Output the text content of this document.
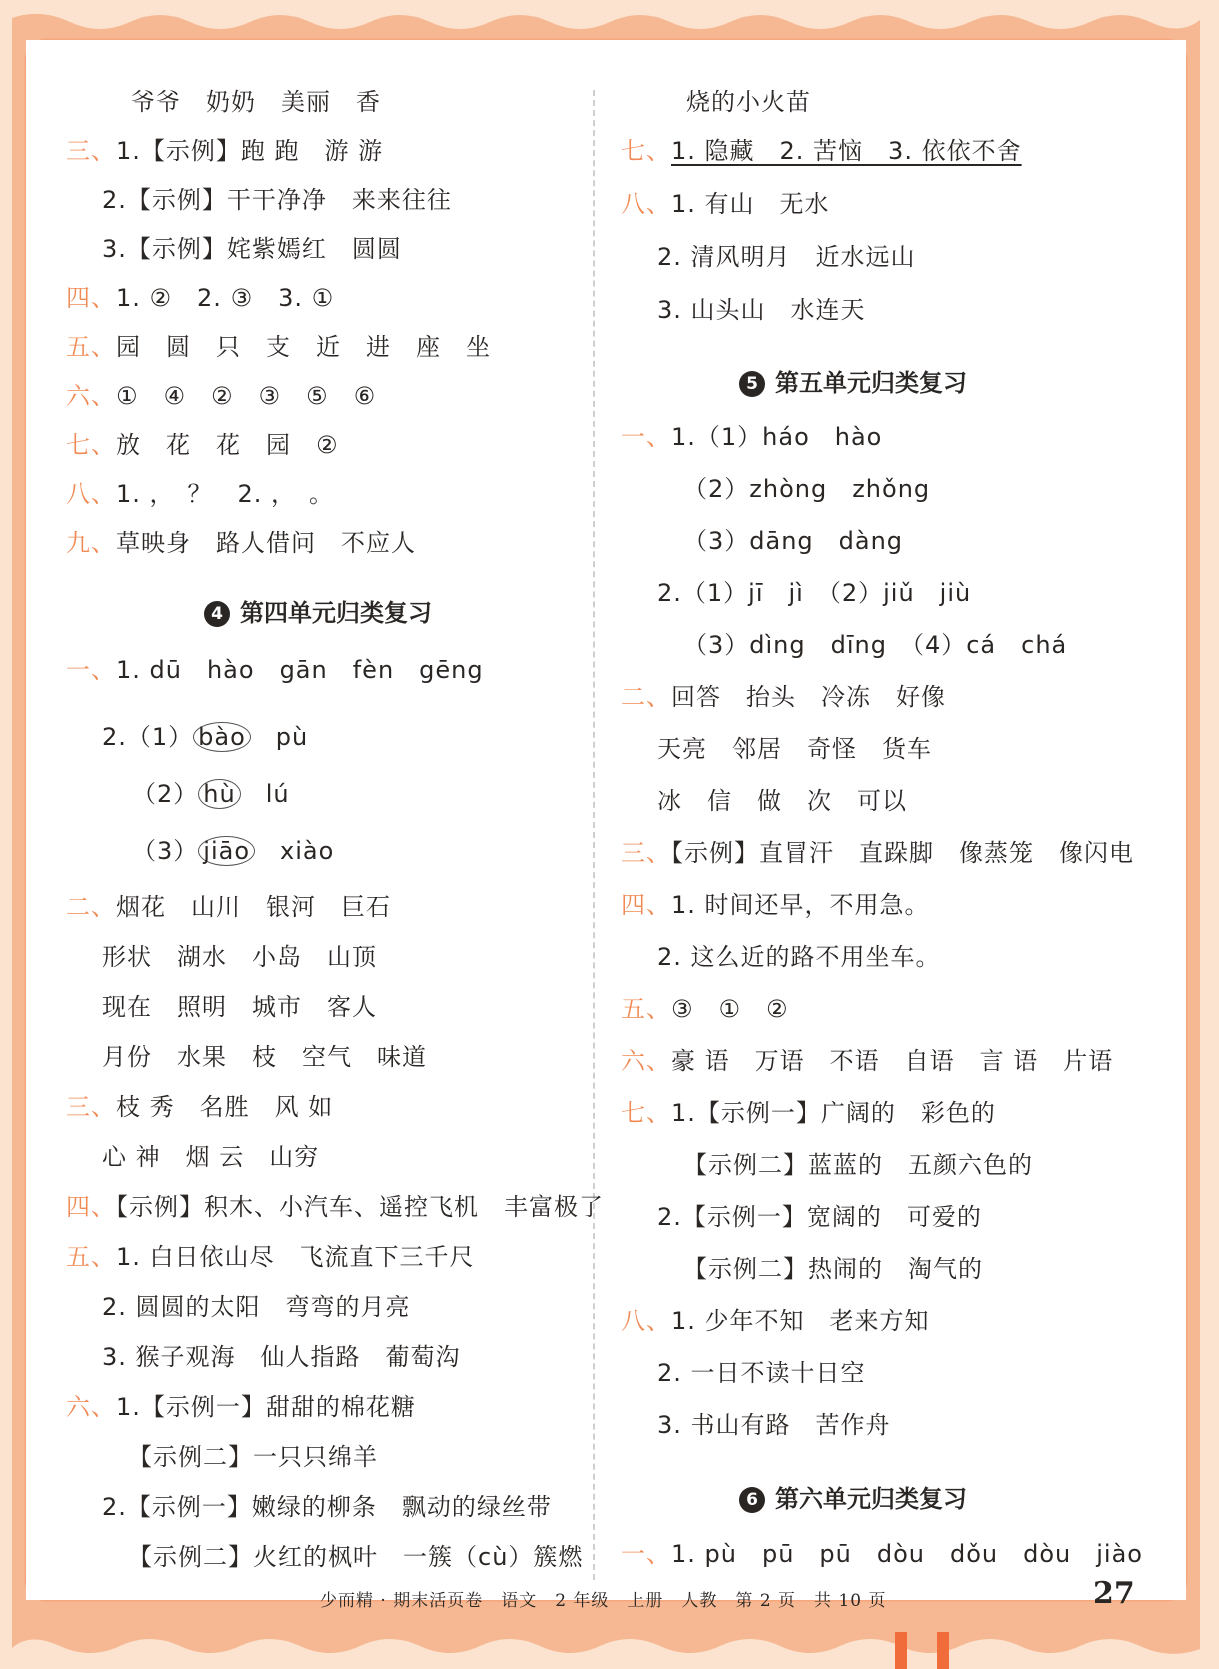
爷爷　奶奶　美丽　香
三、1.【示例】跑 跑　游 游
2.【示例】干干净净　来来往往
3.【示例】姹紫嫣红　圆圆
四、1. ②　2. ③　3. ①
五、园　圆　只　支　近　进　座　坐
六、①　④　②　③　⑤　⑥
七、放　花　花　园　②
八、1. ，　？　2. ，　。
九、草映身　路人借问　不应人
4 第四单元归类复习
一、1. dū　hào　gān　fèn　gēng
2.（1） bào　 pù
（2） hù　 lú
（3） jiāo　 xiào
二、烟花　山川　银河　巨石
形状　湖水　小岛　山顶
现在　照明　城市　客人
月份　水果　枝　空气　味道
三、枝 秀　名胜　风 如
心 神　烟 云　山穷
四、【示例】积木、小汽车、遥控飞机　丰富极了
五、1. 白日依山尽　飞流直下三千尺
2. 圆圆的太阳　弯弯的月亮
3. 猴子观海　仙人指路　葡萄沟
六、1.【示例一】甜甜的棉花糖
【示例二】一只只绵羊
2.【示例一】嫩绿的柳条　飘动的绿丝带
【示例二】火红的枫叶　一簇（cù）簇燃
烧的小火苗
七、1. 隐藏　2. 苦恼　3. 依依不舍
八、1. 有山　无水
2. 清风明月　近水远山
3. 山头山　水连天
5 第五单元归类复习
一、1.（1）háo　hào
（2）zhòng　zhǒng
（3）dāng　dàng
2.（1）jī　jì　（2）jiǔ　jiù
（3）dìng　dīng　（4）cá　chá
二、回答　抬头　冷冻　好像
天亮　邻居　奇怪　货车
冰　信　做　次　可以
三、【示例】直冒汗　直跺脚　像蒸笼　像闪电
四、1. 时间还早，不用急。
2. 这么近的路不用坐车。
五、③　①　②
六、豪 语　万语　不语　自语　言 语　片语
七、1.【示例一】广阔的　彩色的
【示例二】蓝蓝的　五颜六色的
2.【示例一】宽阔的　可爱的
【示例二】热闹的　淘气的
八、1. 少年不知　老来方知
2. 一日不读十日空
3. 书山有路　苦作舟
6 第六单元归类复习
一、1. pù　pū　pū　dòu　dǒu　dòu　jiào
少而精 · 期末活页卷　语文　2 年级　上册　人教　第 2 页　共 10 页	27
